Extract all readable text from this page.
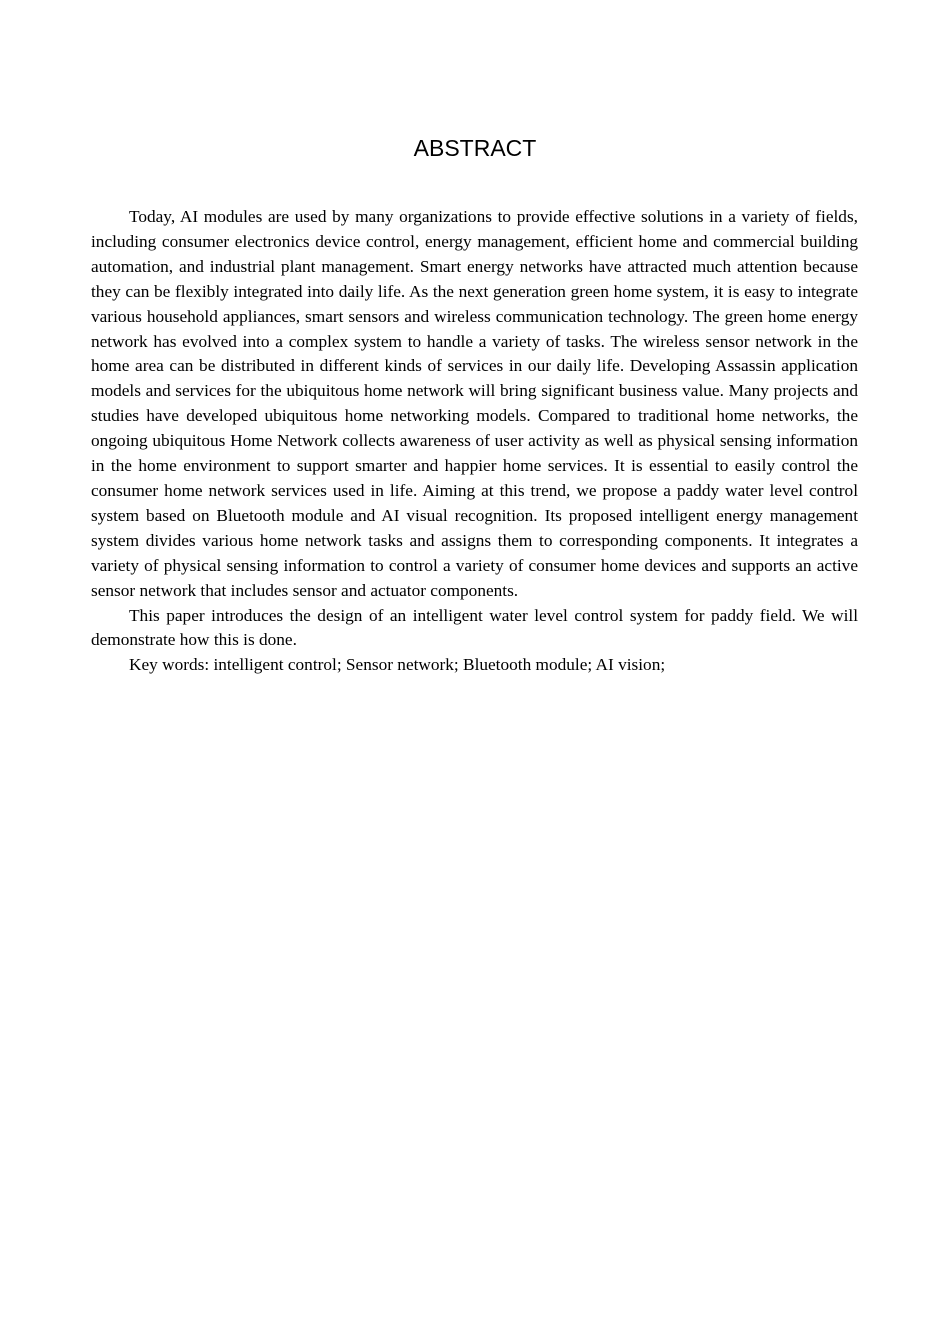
ABSTRACT

Today, AI modules are used by many organizations to provide effective solutions in a variety of fields, including consumer electronics device control, energy management, efficient home and commercial building automation, and industrial plant management. Smart energy networks have attracted much attention because they can be flexibly integrated into daily life. As the next generation green home system, it is easy to integrate various household appliances, smart sensors and wireless communication technology. The green home energy network has evolved into a complex system to handle a variety of tasks. The wireless sensor network in the home area can be distributed in different kinds of services in our daily life. Developing Assassin application models and services for the ubiquitous home network will bring significant business value. Many projects and studies have developed ubiquitous home networking models. Compared to traditional home networks, the ongoing ubiquitous Home Network collects awareness of user activity as well as physical sensing information in the home environment to support smarter and happier home services. It is essential to easily control the consumer home network services used in life. Aiming at this trend, we propose a paddy water level control system based on Bluetooth module and AI visual recognition. Its proposed intelligent energy management system divides various home network tasks and assigns them to corresponding components. It integrates a variety of physical sensing information to control a variety of consumer home devices and supports an active sensor network that includes sensor and actuator components.

This paper introduces the design of an intelligent water level control system for paddy field. We will demonstrate how this is done.

Key words: intelligent control; Sensor network; Bluetooth module; AI vision;
